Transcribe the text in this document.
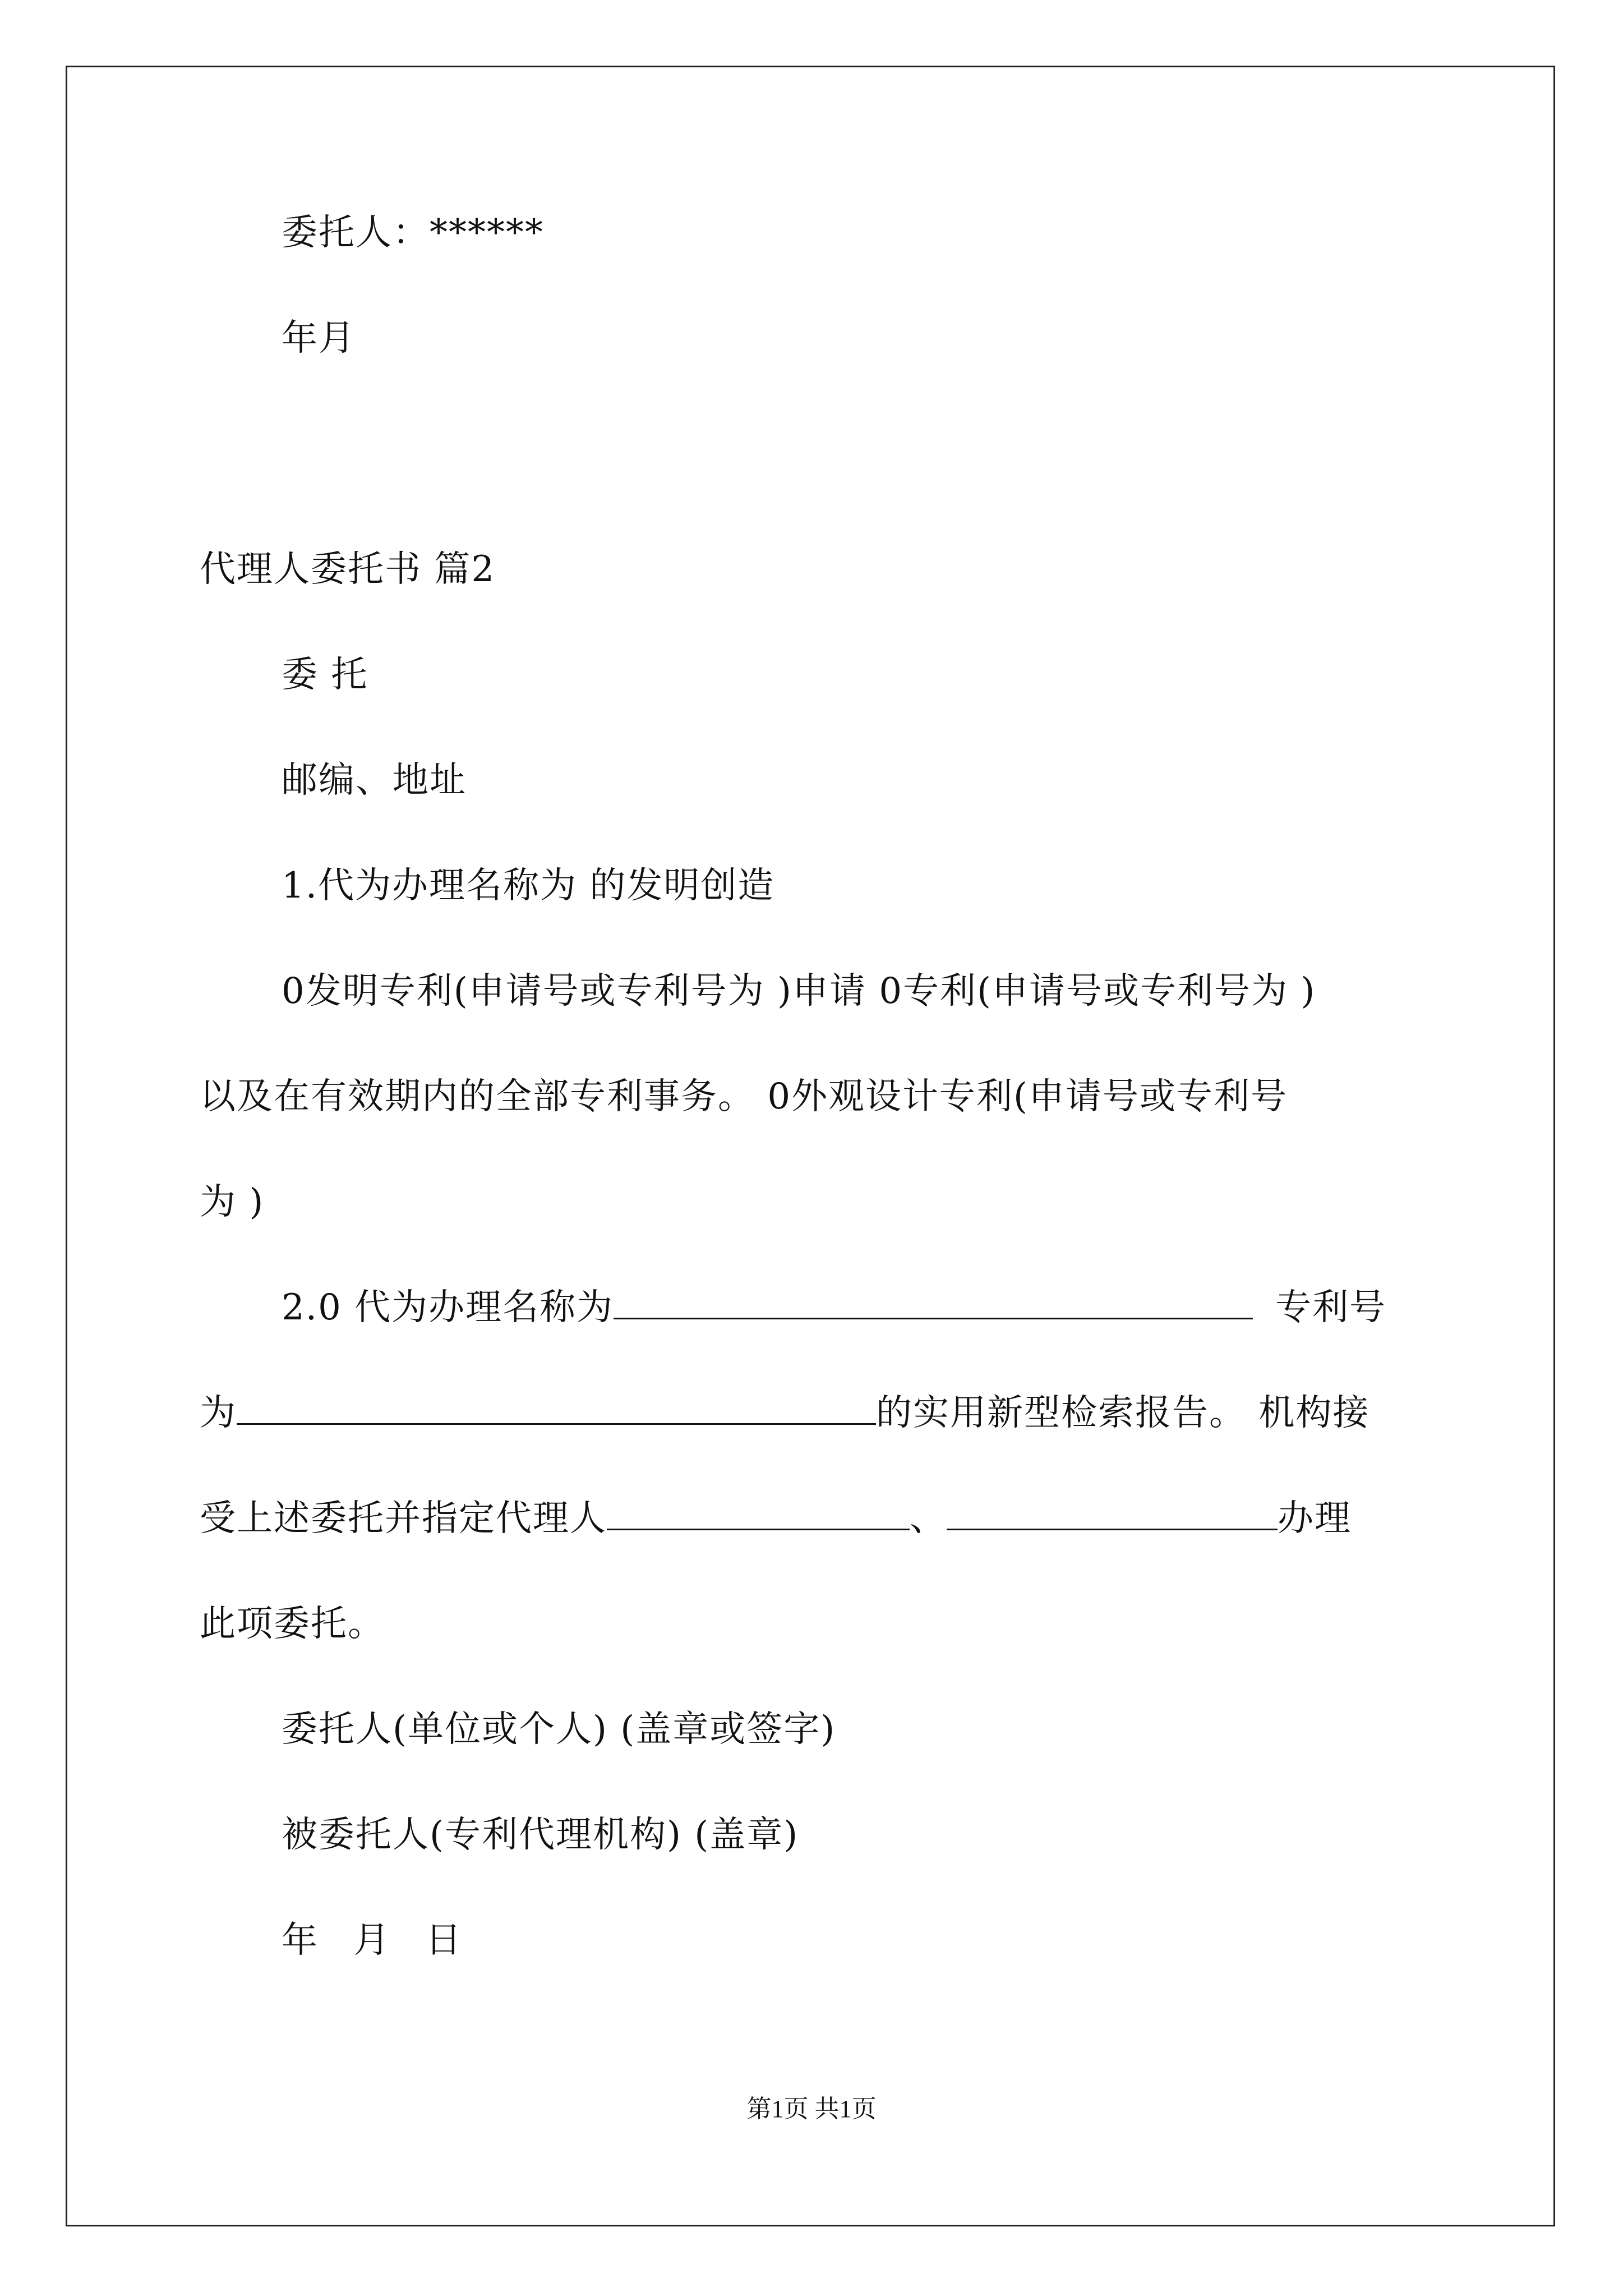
委托人：******
年月
代理人委托书 篇2
委 托
邮编、地址
1.代为办理名称为 的发明创造
0发明专利(申请号或专利号为 )申请 0专利(申请号或专利号为 )
以及在有效期内的全部专利事务。 0外观设计专利(申请号或专利号
为 )
2.0 代为办理名称为	专利号
为	的实用新型检索报告。 机构接
受上述委托并指定代理人	、	办理
此项委托。
委托人(单位或个人) (盖章或签字)
被委托人(专利代理机构) (盖章)
年 月 日
第1页 共1页
